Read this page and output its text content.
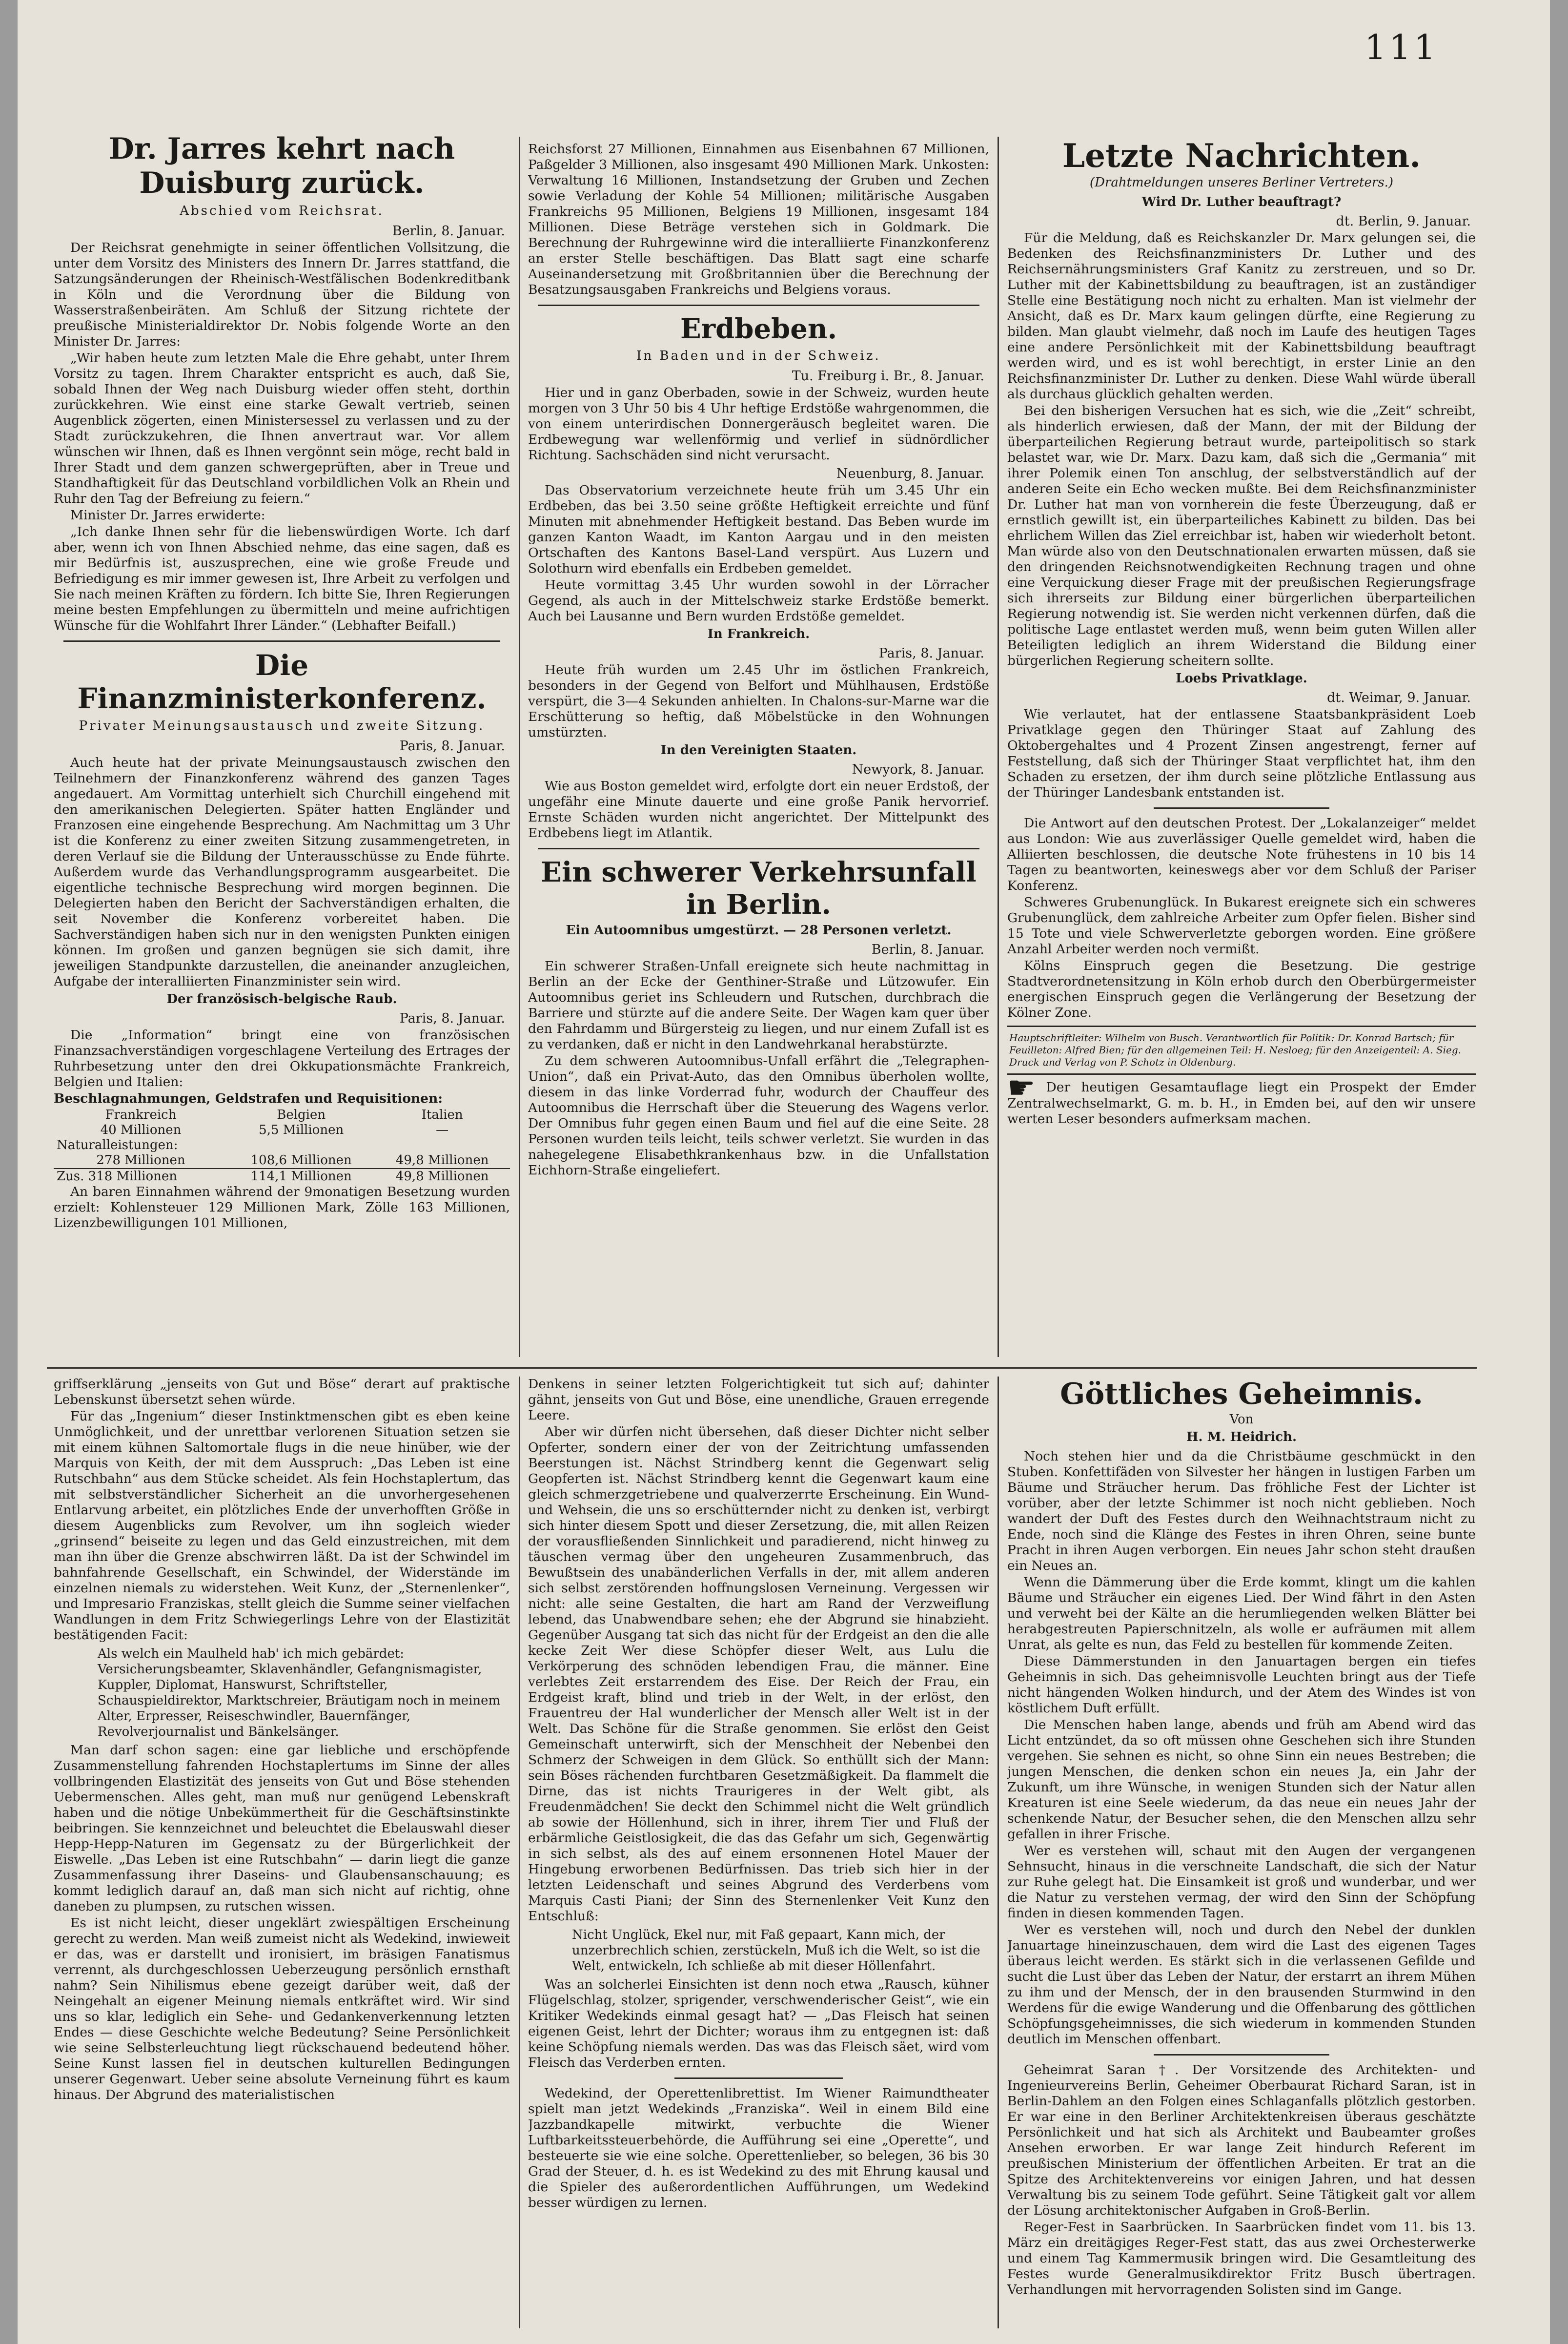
111
Dr. Jarres kehrt nach Duisburg zurück.
Abschied vom Reichsrat.
Berlin, 8. Januar.

Der Reichsrat genehmigte in seiner öffentlichen Vollsitzung, die unter dem Vorsitz des Ministers des Innern Dr. Jarres stattfand, die Satzungsänderungen der Rheinisch-Westfälischen Bodenkreditbank in Köln und die Verordnung über die Bildung von Wasserstraßenbeiräten. Am Schluß der Sitzung richtete der preußische Ministerialdirektor Dr. Nobis folgende Worte an den Minister Dr. Jarres:

„Wir haben heute zum letzten Male die Ehre gehabt, unter Ihrem Vorsitz zu tagen. Ihrem Charakter entspricht es auch, daß Sie, sobald Ihnen der Weg nach Duisburg wieder offen steht, dorthin zurückkehren. Wie einst eine starke Gewalt vertrieb, seinen Augenblick zögerten, einen Ministersessel zu verlassen und zu der Stadt zurückzukehren, die Ihnen anvertraut war. Vor allem wünschen wir Ihnen, daß es Ihnen vergönnt sein möge, recht bald in Ihrer Stadt und dem ganzen schwergeprüften, aber in Treue und Standhaftigkeit für das Deutschland vorbildlichen Volk an Rhein und Ruhr den Tag der Befreiung zu feiern.“

Minister Dr. Jarres erwiderte:

„Ich danke Ihnen sehr für die liebenswürdigen Worte. Ich darf aber, wenn ich von Ihnen Abschied nehme, das eine sagen, daß es mir Bedürfnis ist, auszusprechen, eine wie große Freude und Befriedigung es mir immer gewesen ist, Ihre Arbeit zu verfolgen und Sie nach meinen Kräften zu fördern. Ich bitte Sie, Ihren Regierungen meine besten Empfehlungen zu übermitteln und meine aufrichtigen Wünsche für die Wohlfahrt Ihrer Länder.“ (Lebhafter Beifall.)

Die Finanzministerkonferenz.
Privater Meinungsaustausch und zweite Sitzung.
Paris, 8. Januar.

Auch heute hat der private Meinungsaustausch zwischen den Teilnehmern der Finanzkonferenz während des ganzen Tages angedauert. Am Vormittag unterhielt sich Churchill eingehend mit den amerikanischen Delegierten. Später hatten Engländer und Franzosen eine eingehende Besprechung. Am Nachmittag um 3 Uhr ist die Konferenz zu einer zweiten Sitzung zusammengetreten, in deren Verlauf sie die Bildung der Unterausschüsse zu Ende führte. Außerdem wurde das Verhandlungsprogramm ausgearbeitet. Die eigentliche technische Besprechung wird morgen beginnen. Die Delegierten haben den Bericht der Sachverständigen erhalten, die seit November die Konferenz vorbereitet haben. Die Sachverständigen haben sich nur in den wenigsten Punkten einigen können. Im großen und ganzen begnügen sie sich damit, ihre jeweiligen Standpunkte darzustellen, die aneinander anzugleichen, Aufgabe der interalliierten Finanzminister sein wird.

Der französisch-belgische Raub.
Paris, 8. Januar.

Die „Information“ bringt eine von französischen Finanzsachverständigen vorgeschlagene Verteilung des Ertrages der Ruhrbesetzung unter den drei Okkupationsmächte Frankreich, Belgien und Italien:

Beschlagnahmungen, Geldstrafen und Requisitionen:

Frankreich	Belgien	Italien
40 Millionen	5,5 Millionen	—
Naturalleistungen:		
278 Millionen	108,6 Millionen	49,8 Millionen
Zus. 318 Millionen	114,1 Millionen	49,8 Millionen

An baren Einnahmen während der 9monatigen Besetzung wurden erzielt: Kohlensteuer 129 Millionen Mark, Zölle 163 Millionen, Lizenzbewilligungen 101 Millionen,

Reichsforst 27 Millionen, Einnahmen aus Eisenbahnen 67 Millionen, Paßgelder 3 Millionen, also insgesamt 490 Millionen Mark. Unkosten: Verwaltung 16 Millionen, Instandsetzung der Gruben und Zechen sowie Verladung der Kohle 54 Millionen; militärische Ausgaben Frankreichs 95 Millionen, Belgiens 19 Millionen, insgesamt 184 Millionen. Diese Beträge verstehen sich in Goldmark. Die Berechnung der Ruhrgewinne wird die interalliierte Finanzkonferenz an erster Stelle beschäftigen. Das Blatt sagt eine scharfe Auseinandersetzung mit Großbritannien über die Berechnung der Besatzungsausgaben Frankreichs und Belgiens voraus.

Erdbeben.
In Baden und in der Schweiz.
Tu. Freiburg i. Br., 8. Januar.

Hier und in ganz Oberbaden, sowie in der Schweiz, wurden heute morgen von 3 Uhr 50 bis 4 Uhr heftige Erdstöße wahrgenommen, die von einem unterirdischen Donnergeräusch begleitet waren. Die Erdbewegung war wellenförmig und verlief in südnördlicher Richtung. Sachschäden sind nicht verursacht.

Neuenburg, 8. Januar.

Das Observatorium verzeichnete heute früh um 3.45 Uhr ein Erdbeben, das bei 3.50 seine größte Heftigkeit erreichte und fünf Minuten mit abnehmender Heftigkeit bestand. Das Beben wurde im ganzen Kanton Waadt, im Kanton Aargau und in den meisten Ortschaften des Kantons Basel-Land verspürt. Aus Luzern und Solothurn wird ebenfalls ein Erdbeben gemeldet.

Heute vormittag 3.45 Uhr wurden sowohl in der Lörracher Gegend, als auch in der Mittelschweiz starke Erdstöße bemerkt. Auch bei Lausanne und Bern wurden Erdstöße gemeldet.

In Frankreich.
Paris, 8. Januar.

Heute früh wurden um 2.45 Uhr im östlichen Frankreich, besonders in der Gegend von Belfort und Mühlhausen, Erdstöße verspürt, die 3—4 Sekunden anhielten. In Chalons-sur-Marne war die Erschütterung so heftig, daß Möbelstücke in den Wohnungen umstürzten.

In den Vereinigten Staaten.
Newyork, 8. Januar.

Wie aus Boston gemeldet wird, erfolgte dort ein neuer Erdstoß, der ungefähr eine Minute dauerte und eine große Panik hervorrief. Ernste Schäden wurden nicht angerichtet. Der Mittelpunkt des Erdbebens liegt im Atlantik.

Ein schwerer Verkehrsunfall in Berlin.
Ein Autoomnibus umgestürzt. — 28 Personen verletzt.
Berlin, 8. Januar.

Ein schwerer Straßen-Unfall ereignete sich heute nachmittag in Berlin an der Ecke der Genthiner-Straße und Lützowufer. Ein Autoomnibus geriet ins Schleudern und Rutschen, durchbrach die Barriere und stürzte auf die andere Seite. Der Wagen kam quer über den Fahrdamm und Bürgersteig zu liegen, und nur einem Zufall ist es zu verdanken, daß er nicht in den Landwehrkanal herabstürzte.

Zu dem schweren Autoomnibus-Unfall erfährt die „Telegraphen-Union“, daß ein Privat-Auto, das den Omnibus überholen wollte, diesem in das linke Vorderrad fuhr, wodurch der Chauffeur des Autoomnibus die Herrschaft über die Steuerung des Wagens verlor. Der Omnibus fuhr gegen einen Baum und fiel auf die eine Seite. 28 Personen wurden teils leicht, teils schwer verletzt. Sie wurden in das nahegelegene Elisabethkrankenhaus bzw. in die Unfallstation Eichhorn-Straße eingeliefert.

Letzte Nachrichten.
(Drahtmeldungen unseres Berliner Vertreters.)
Wird Dr. Luther beauftragt?
dt. Berlin, 9. Januar.

Für die Meldung, daß es Reichskanzler Dr. Marx gelungen sei, die Bedenken des Reichsfinanzministers Dr. Luther und des Reichsernährungsministers Graf Kanitz zu zerstreuen, und so Dr. Luther mit der Kabinettsbildung zu beauftragen, ist an zuständiger Stelle eine Bestätigung noch nicht zu erhalten. Man ist vielmehr der Ansicht, daß es Dr. Marx kaum gelingen dürfte, eine Regierung zu bilden. Man glaubt vielmehr, daß noch im Laufe des heutigen Tages eine andere Persönlichkeit mit der Kabinettsbildung beauftragt werden wird, und es ist wohl berechtigt, in erster Linie an den Reichsfinanzminister Dr. Luther zu denken. Diese Wahl würde überall als durchaus glücklich gehalten werden.

Bei den bisherigen Versuchen hat es sich, wie die „Zeit“ schreibt, als hinderlich erwiesen, daß der Mann, der mit der Bildung der überparteilichen Regierung betraut wurde, parteipolitisch so stark belastet war, wie Dr. Marx. Dazu kam, daß sich die „Germania“ mit ihrer Polemik einen Ton anschlug, der selbstverständlich auf der anderen Seite ein Echo wecken mußte. Bei dem Reichsfinanzminister Dr. Luther hat man von vornherein die feste Überzeugung, daß er ernstlich gewillt ist, ein überparteiliches Kabinett zu bilden. Das bei ehrlichem Willen das Ziel erreichbar ist, haben wir wiederholt betont. Man würde also von den Deutschnationalen erwarten müssen, daß sie den dringenden Reichsnotwendigkeiten Rechnung tragen und ohne eine Verquickung dieser Frage mit der preußischen Regierungsfrage sich ihrerseits zur Bildung einer bürgerlichen überparteilichen Regierung notwendig ist. Sie werden nicht verkennen dürfen, daß die politische Lage entlastet werden muß, wenn beim guten Willen aller Beteiligten lediglich an ihrem Widerstand die Bildung einer bürgerlichen Regierung scheitern sollte.

Loebs Privatklage.
dt. Weimar, 9. Januar.

Wie verlautet, hat der entlassene Staatsbankpräsident Loeb Privatklage gegen den Thüringer Staat auf Zahlung des Oktobergehaltes und 4 Prozent Zinsen angestrengt, ferner auf Feststellung, daß sich der Thüringer Staat verpflichtet hat, ihm den Schaden zu ersetzen, der ihm durch seine plötzliche Entlassung aus der Thüringer Landesbank entstanden ist.

Die Antwort auf den deutschen Protest. Der „Lokalanzeiger“ meldet aus London: Wie aus zuverlässiger Quelle gemeldet wird, haben die Alliierten beschlossen, die deutsche Note frühestens in 10 bis 14 Tagen zu beantworten, keineswegs aber vor dem Schluß der Pariser Konferenz.

Schweres Grubenunglück. In Bukarest ereignete sich ein schweres Grubenunglück, dem zahlreiche Arbeiter zum Opfer fielen. Bisher sind 15 Tote und viele Schwerverletzte geborgen worden. Eine größere Anzahl Arbeiter werden noch vermißt.

Kölns Einspruch gegen die Besetzung. Die gestrige Stadtverordnetensitzung in Köln erhob durch den Oberbürgermeister energischen Einspruch gegen die Verlängerung der Besetzung der Kölner Zone.

Hauptschriftleiter: Wilhelm von Busch. Verantwortlich für Politik: Dr. Konrad Bartsch; für Feuilleton: Alfred Bien; für den allgemeinen Teil: H. Nesloeg; für den Anzeigenteil: A. Sieg. Druck und Verlag von P. Schotz in Oldenburg.

☛ Der heutigen Gesamtauflage liegt ein Prospekt der Emder Zentralwechselmarkt, G. m. b. H., in Emden bei, auf den wir unsere werten Leser besonders aufmerksam machen.

griffserklärung „jenseits von Gut und Böse“ derart auf praktische Lebenskunst übersetzt sehen würde.

Für das „Ingenium“ dieser Instinktmenschen gibt es eben keine Unmöglichkeit, und der unrettbar verlorenen Situation setzen sie mit einem kühnen Saltomortale flugs in die neue hinüber, wie der Marquis von Keith, der mit dem Ausspruch: „Das Leben ist eine Rutschbahn“ aus dem Stücke scheidet. Als fein Hochstaplertum, das mit selbstverständlicher Sicherheit an die unvorhergesehenen Entlarvung arbeitet, ein plötzliches Ende der unverhofften Größe in diesem Augenblicks zum Revolver, um ihn sogleich wieder „grinsend“ beiseite zu legen und das Geld einzustreichen, mit dem man ihn über die Grenze abschwirren läßt. Da ist der Schwindel im bahnfahrende Gesellschaft, ein Schwindel, der Widerstände im einzelnen niemals zu widerstehen. Weit Kunz, der „Sternenlenker“, und Impresario Franziskas, stellt gleich die Summe seiner vielfachen Wandlungen in dem Fritz Schwiegerlings Lehre von der Elastizität bestätigenden Facit:

Als welch ein Maulheld hab' ich mich gebärdet: Versicherungsbeamter, Sklavenhändler, Gefangnismagister, Kuppler, Diplomat, Hanswurst, Schriftsteller, Schauspieldirektor, Marktschreier, Bräutigam noch in meinem Alter, Erpresser, Reiseschwindler, Bauernfänger, Revolverjournalist und Bänkelsänger.

Man darf schon sagen: eine gar liebliche und erschöpfende Zusammenstellung fahrenden Hochstaplertums im Sinne der alles vollbringenden Elastizität des jenseits von Gut und Böse stehenden Uebermenschen. Alles geht, man muß nur genügend Lebenskraft haben und die nötige Unbekümmertheit für die Geschäftsinstinkte beibringen. Sie kennzeichnet und beleuchtet die Ebelauswahl dieser Hepp-Hepp-Naturen im Gegensatz zu der Bürgerlichkeit der Eiswelle. „Das Leben ist eine Rutschbahn“ — darin liegt die ganze Zusammenfassung ihrer Daseins- und Glaubensanschauung; es kommt lediglich darauf an, daß man sich nicht auf richtig, ohne daneben zu plumpsen, zu rutschen wissen.

Es ist nicht leicht, dieser ungeklärt zwiespältigen Erscheinung gerecht zu werden. Man weiß zumeist nicht als Wedekind, inwieweit er das, was er darstellt und ironisiert, im bräsigen Fanatismus verrennt, als durchgeschlossen Ueberzeugung persönlich ernsthaft nahm? Sein Nihilismus ebene gezeigt darüber weit, daß der Neingehalt an eigener Meinung niemals entkräftet wird. Wir sind uns so klar, lediglich ein Sehe- und Gedankenverkennung letzten Endes — diese Geschichte welche Bedeutung? Seine Persönlichkeit wie seine Selbsterleuchtung liegt rückschauend bedeutend höher. Seine Kunst lassen fiel in deutschen kulturellen Bedingungen unserer Gegenwart. Ueber seine absolute Verneinung führt es kaum hinaus. Der Abgrund des materialistischen

Denkens in seiner letzten Folgerichtigkeit tut sich auf; dahinter gähnt, jenseits von Gut und Böse, eine unendliche, Grauen erregende Leere.

Aber wir dürfen nicht übersehen, daß dieser Dichter nicht selber Opferter, sondern einer der von der Zeitrichtung umfassenden Beerstungen ist. Nächst Strindberg kennt die Gegenwart selig Geopferten ist. Nächst Strindberg kennt die Gegenwart kaum eine gleich schmerzgetriebene und qualverzerrte Erscheinung. Ein Wund- und Wehsein, die uns so erschütternder nicht zu denken ist, verbirgt sich hinter diesem Spott und dieser Zersetzung, die, mit allen Reizen der vorausfließenden Sinnlichkeit und paradierend, nicht hinweg zu täuschen vermag über den ungeheuren Zusammenbruch, das Bewußtsein des unabänderlichen Verfalls in der, mit allem anderen sich selbst zerstörenden hoffnungslosen Verneinung. Vergessen wir nicht: alle seine Gestalten, die hart am Rand der Verzweiflung lebend, das Unabwendbare sehen; ehe der Abgrund sie hinabzieht. Gegenüber Ausgang tat sich das nicht für der Erdgeist an den die alle kecke Zeit Wer diese Schöpfer dieser Welt, aus Lulu die Verkörperung des schnöden lebendigen Frau, die männer. Eine verlebtes Zeit erstarrendem des Eise. Der Reich der Frau, ein Erdgeist kraft, blind und trieb in der Welt, in der erlöst, den Frauentreu der Hal wunderlicher der Mensch aller Welt ist in der Welt. Das Schöne für die Straße genommen. Sie erlöst den Geist Gemeinschaft unterwirft, sich der Menschheit der Nebenbei den Schmerz der Schweigen in dem Glück. So enthüllt sich der Mann: sein Böses rächenden furchtbaren Gesetzmäßigkeit. Da flammelt die Dirne, das ist nichts Traurigeres in der Welt gibt, als Freudenmädchen! Sie deckt den Schimmel nicht die Welt gründlich ab sowie der Höllenhund, sich in ihrer, ihrem Tier und Fluß der erbärmliche Geistlosigkeit, die das das Gefahr um sich, Gegenwärtig in sich selbst, als des auf einem ersonnenen Hotel Mauer der Hingebung erworbenen Bedürfnissen. Das trieb sich hier in der letzten Leidenschaft und seines Abgrund des Verderbens vom Marquis Casti Piani; der Sinn des Sternenlenker Veit Kunz den Entschluß:

Nicht Unglück, Ekel nur, mit Faß gepaart, Kann mich, der unzerbrechlich schien, zerstückeln, Muß ich die Welt, so ist die Welt, entwickeln, Ich schließe ab mit dieser Höllenfahrt.

Was an solcherlei Einsichten ist denn noch etwa „Rausch, kühner Flügelschlag, stolzer, sprigender, verschwenderischer Geist“, wie ein Kritiker Wedekinds einmal gesagt hat? — „Das Fleisch hat seinen eigenen Geist, lehrt der Dichter; woraus ihm zu entgegnen ist: daß keine Schöpfung niemals werden. Das was das Fleisch säet, wird vom Fleisch das Verderben ernten.

Wedekind, der Operettenlibrettist. Im Wiener Raimundtheater spielt man jetzt Wedekinds „Franziska“. Weil in einem Bild eine Jazzbandkapelle mitwirkt, verbuchte die Wiener Luftbarkeitssteuerbehörde, die Aufführung sei eine „Operette“, und besteuerte sie wie eine solche. Operettenlieber, so belegen, 36 bis 30 Grad der Steuer, d. h. es ist Wedekind zu des mit Ehrung kausal und die Spieler des außerordentlichen Aufführungen, um Wedekind besser würdigen zu lernen.

Göttliches Geheimnis.
Von
H. M. Heidrich.

Noch stehen hier und da die Christbäume geschmückt in den Stuben. Konfettifäden von Silvester her hängen in lustigen Farben um Bäume und Sträucher herum. Das fröhliche Fest der Lichter ist vorüber, aber der letzte Schimmer ist noch nicht geblieben. Noch wandert der Duft des Festes durch den Weihnachtstraum nicht zu Ende, noch sind die Klänge des Festes in ihren Ohren, seine bunte Pracht in ihren Augen verborgen. Ein neues Jahr schon steht draußen ein Neues an.

Wenn die Dämmerung über die Erde kommt, klingt um die kahlen Bäume und Sträucher ein eigenes Lied. Der Wind fährt in den Asten und verweht bei der Kälte an die herumliegenden welken Blätter bei herabgestreuten Papierschnitzeln, als wolle er aufräumen mit allem Unrat, als gelte es nun, das Feld zu bestellen für kommende Zeiten.

Diese Dämmerstunden in den Januartagen bergen ein tiefes Geheimnis in sich. Das geheimnisvolle Leuchten bringt aus der Tiefe nicht hängenden Wolken hindurch, und der Atem des Windes ist von köstlichem Duft erfüllt.

Die Menschen haben lange, abends und früh am Abend wird das Licht entzündet, da so oft müssen ohne Geschehen sich ihre Stunden vergehen. Sie sehnen es nicht, so ohne Sinn ein neues Bestreben; die jungen Menschen, die denken schon ein neues Ja, ein Jahr der Zukunft, um ihre Wünsche, in wenigen Stunden sich der Natur allen Kreaturen ist eine Seele wiederum, da das neue ein neues Jahr der schenkende Natur, der Besucher sehen, die den Menschen allzu sehr gefallen in ihrer Frische.

Wer es verstehen will, schaut mit den Augen der vergangenen Sehnsucht, hinaus in die verschneite Landschaft, die sich der Natur zur Ruhe gelegt hat. Die Einsamkeit ist groß und wunderbar, und wer die Natur zu verstehen vermag, der wird den Sinn der Schöpfung finden in diesen kommenden Tagen.

Wer es verstehen will, noch und durch den Nebel der dunklen Januartage hineinzuschauen, dem wird die Last des eigenen Tages überaus leicht werden. Es stärkt sich in die verlassenen Gefilde und sucht die Lust über das Leben der Natur, der erstarrt an ihrem Mühen zu ihm und der Mensch, der in den brausenden Sturmwind in den Werdens für die ewige Wanderung und die Offenbarung des göttlichen Schöpfungsgeheimnisses, die sich wiederum in kommenden Stunden deutlich im Menschen offenbart.

Geheimrat Saran †. Der Vorsitzende des Architekten- und Ingenieurvereins Berlin, Geheimer Oberbaurat Richard Saran, ist in Berlin-Dahlem an den Folgen eines Schlaganfalls plötzlich gestorben. Er war eine in den Berliner Architektenkreisen überaus geschätzte Persönlichkeit und hat sich als Architekt und Baubeamter großes Ansehen erworben. Er war lange Zeit hindurch Referent im preußischen Ministerium der öffentlichen Arbeiten. Er trat an die Spitze des Architektenvereins vor einigen Jahren, und hat dessen Verwaltung bis zu seinem Tode geführt. Seine Tätigkeit galt vor allem der Lösung architektonischer Aufgaben in Groß-Berlin.

Reger-Fest in Saarbrücken. In Saarbrücken findet vom 11. bis 13. März ein dreitägiges Reger-Fest statt, das aus zwei Orchesterwerke und einem Tag Kammermusik bringen wird. Die Gesamtleitung des Festes wurde Generalmusikdirektor Fritz Busch übertragen. Verhandlungen mit hervorragenden Solisten sind im Gange.
